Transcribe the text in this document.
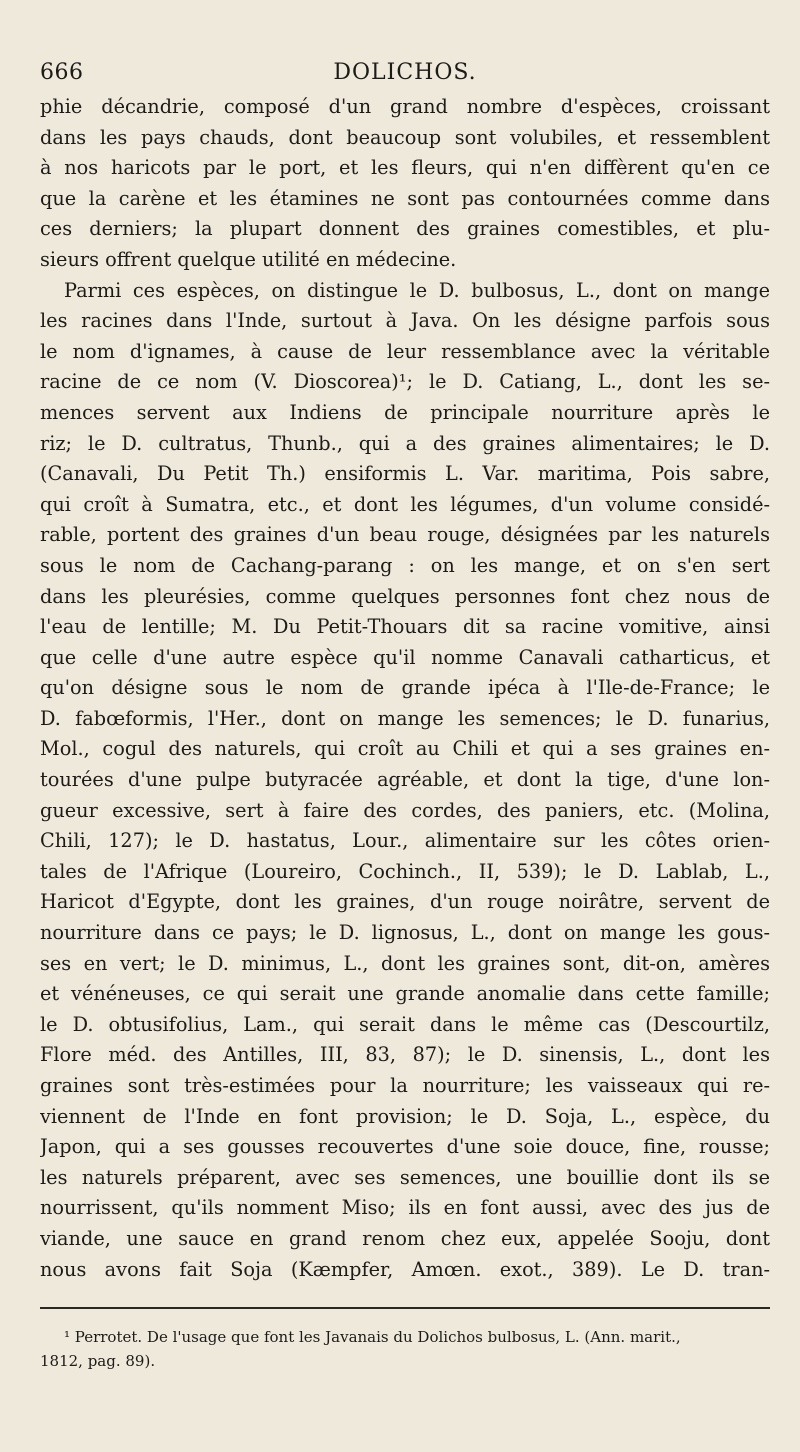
666	DOLICHOS.
phie décandrie, composé d'un grand nombre d'espèces, croissant
dans les pays chauds, dont beaucoup sont volubiles, et ressemblent
à nos haricots par le port, et les fleurs, qui n'en diffèrent qu'en ce
que la carène et les étamines ne sont pas contournées comme dans
ces derniers; la plupart donnent des graines comestibles, et plu-
sieurs offrent quelque utilité en médecine.
Parmi ces espèces, on distingue le D. bulbosus, L., dont on mange
les racines dans l'Inde, surtout à Java. On les désigne parfois sous
le nom d'ignames, à cause de leur ressemblance avec la véritable
racine de ce nom (V. Dioscorea)¹; le D. Catiang, L., dont les se-
mences servent aux Indiens de principale nourriture après le
riz; le D. cultratus, Thunb., qui a des graines alimentaires; le D.
(Canavali, Du Petit Th.) ensiformis L. Var. maritima, Pois sabre,
qui croît à Sumatra, etc., et dont les légumes, d'un volume considé-
rable, portent des graines d'un beau rouge, désignées par les naturels
sous le nom de Cachang-parang : on les mange, et on s'en sert
dans les pleurésies, comme quelques personnes font chez nous de
l'eau de lentille; M. Du Petit-Thouars dit sa racine vomitive, ainsi
que celle d'une autre espèce qu'il nomme Canavali catharticus, et
qu'on désigne sous le nom de grande ipéca à l'Ile-de-France; le
D. fabœformis, l'Her., dont on mange les semences; le D. funarius,
Mol., cogul des naturels, qui croît au Chili et qui a ses graines en-
tourées d'une pulpe butyracée agréable, et dont la tige, d'une lon-
gueur excessive, sert à faire des cordes, des paniers, etc. (Molina,
Chili, 127); le D. hastatus, Lour., alimentaire sur les côtes orien-
tales de l'Afrique (Loureiro, Cochinch., II, 539); le D. Lablab, L.,
Haricot d'Egypte, dont les graines, d'un rouge noirâtre, servent de
nourriture dans ce pays; le D. lignosus, L., dont on mange les gous-
ses en vert; le D. minimus, L., dont les graines sont, dit-on, amères
et vénéneuses, ce qui serait une grande anomalie dans cette famille;
le D. obtusifolius, Lam., qui serait dans le même cas (Descourtilz,
Flore méd. des Antilles, III, 83, 87); le D. sinensis, L., dont les
graines sont très-estimées pour la nourriture; les vaisseaux qui re-
viennent de l'Inde en font provision; le D. Soja, L., espèce, du
Japon, qui a ses gousses recouvertes d'une soie douce, fine, rousse;
les naturels préparent, avec ses semences, une bouillie dont ils se
nourrissent, qu'ils nomment Miso; ils en font aussi, avec des jus de
viande, une sauce en grand renom chez eux, appelée Sooju, dont
nous avons fait Soja (Kæmpfer, Amœn. exot., 389). Le D. tran-
¹ Perrotet. De l'usage que font les Javanais du Dolichos bulbosus, L. (Ann. marit.,
1812, pag. 89).
